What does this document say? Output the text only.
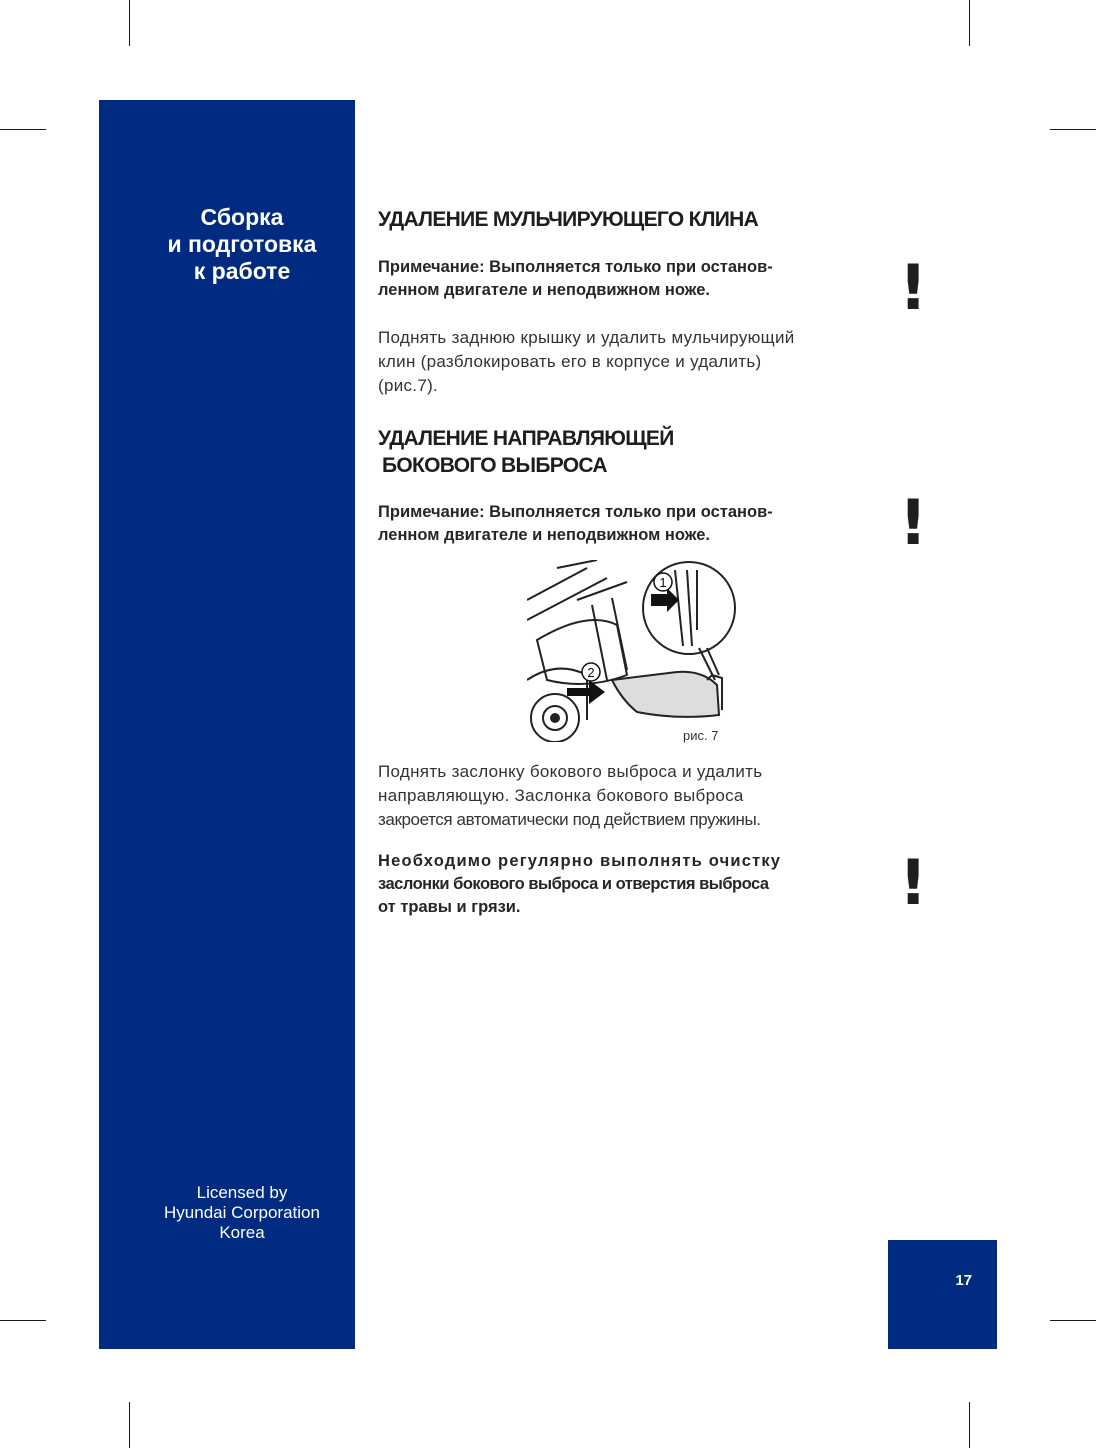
Сборка
и подготовка
к работе
Licensed by
Hyundai Corporation
Korea
17
УДАЛЕНИЕ МУЛЬЧИРУЮЩЕГО КЛИНА
Примечание: Выполняется только при останов-
ленном двигателе и неподвижном ноже.
Поднять заднюю крышку и удалить мульчирующий
клин (разблокировать его в корпусе и удалить)
(рис.7).
УДАЛЕНИЕ НАПРАВЛЯЮЩЕЙ
БОКОВОГО ВЫБРОСА
Примечание: Выполняется только при останов-
ленном двигателе и неподвижном ноже.
!
!
!
1
2
рис. 7
Поднять заслонку бокового выброса и удалить
направляющую. Заслонка бокового выброса
закроется автоматически под действием пружины.
Необходимо регулярно выполнять очистку
заслонки бокового выброса и отверстия выброса
от травы и грязи.
